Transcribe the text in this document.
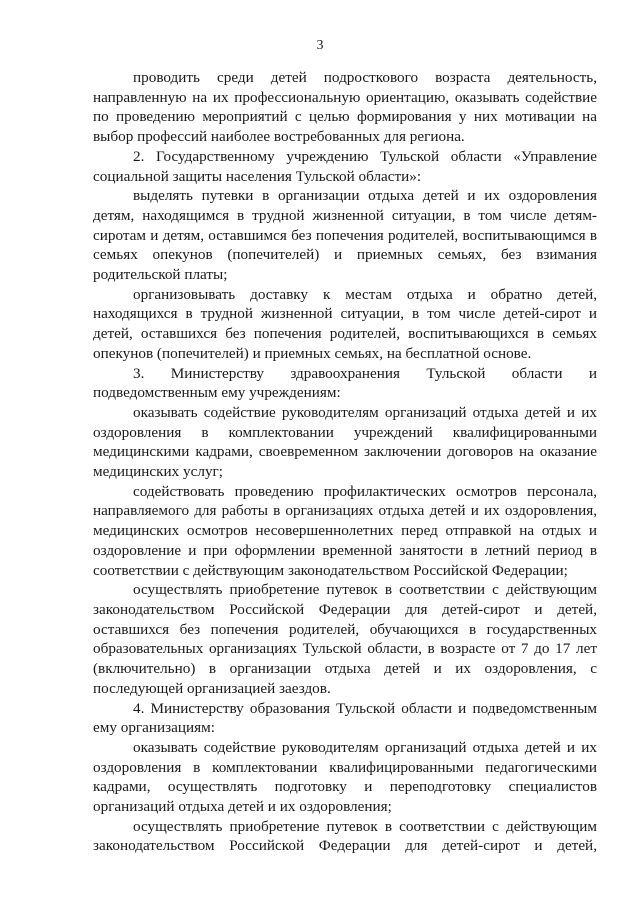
3

проводить среди детей подросткового возраста деятельность, направленную на их профессиональную ориентацию, оказывать содействие по проведению мероприятий с целью формирования у них мотивации на выбор профессий наиболее востребованных для региона.

2. Государственному учреждению Тульской области «Управление социальной защиты населения Тульской области»:

выделять путевки в организации отдыха детей и их оздоровления детям, находящимся в трудной жизненной ситуации, в том числе детям-сиротам и детям, оставшимся без попечения родителей, воспитывающимся в семьях опекунов (попечителей) и приемных семьях, без взимания родительской платы;

организовывать доставку к местам отдыха и обратно детей, находящихся в трудной жизненной ситуации, в том числе детей-сирот и детей, оставшихся без попечения родителей, воспитывающихся в семьях опекунов (попечителей) и приемных семьях, на бесплатной основе.

3. Министерству здравоохранения Тульской области и подведомственным ему учреждениям:

оказывать содействие руководителям организаций отдыха детей и их оздоровления в комплектовании учреждений квалифицированными медицинскими кадрами, своевременном заключении договоров на оказание медицинских услуг;

содействовать проведению профилактических осмотров персонала, направляемого для работы в организациях отдыха детей и их оздоровления, медицинских осмотров несовершеннолетних перед отправкой на отдых и оздоровление и при оформлении временной занятости в летний период в соответствии с действующим законодательством Российской Федерации;

осуществлять приобретение путевок в соответствии с действующим законодательством Российской Федерации для детей-сирот и детей, оставшихся без попечения родителей, обучающихся в государственных образовательных организациях Тульской области, в возрасте от 7 до 17 лет (включительно) в организации отдыха детей и их оздоровления, с последующей организацией заездов.

4. Министерству образования Тульской области и подведомственным ему организациям:

оказывать содействие руководителям организаций отдыха детей и их оздоровления в комплектовании квалифицированными педагогическими кадрами, осуществлять подготовку и переподготовку специалистов организаций отдыха детей и их оздоровления;

осуществлять приобретение путевок в соответствии с действующим законодательством Российской Федерации для детей-сирот и детей,
